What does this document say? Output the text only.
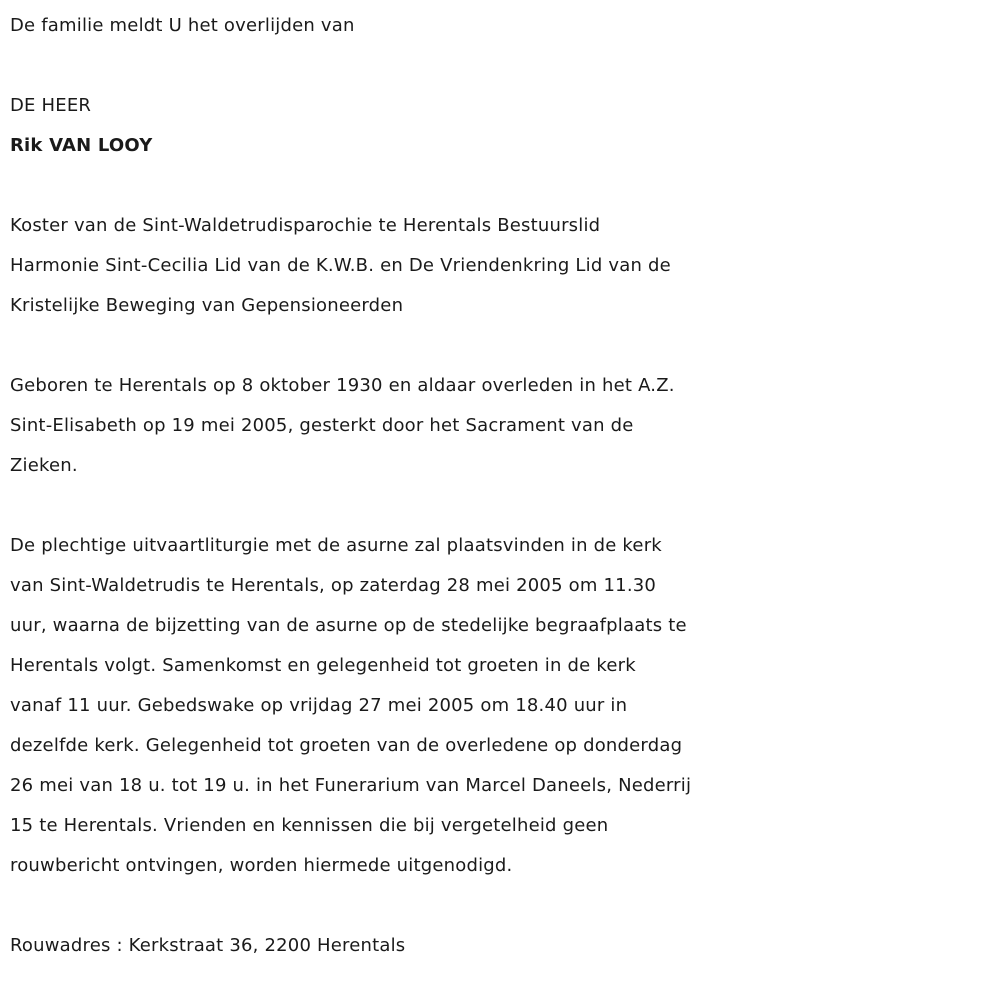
De familie meldt U het overlijden van

DE HEER

Rik VAN LOOY

Koster van de Sint-Waldetrudisparochie te Herentals Bestuurslid
Harmonie Sint-Cecilia Lid van de K.W.B. en De Vriendenkring Lid van de
Kristelijke Beweging van Gepensioneerden
Geboren te Herentals op 8 oktober 1930 en aldaar overleden in het A.Z.
Sint-Elisabeth op 19 mei 2005, gesterkt door het Sacrament van de
Zieken.
De plechtige uitvaartliturgie met de asurne zal plaatsvinden in de kerk
van Sint-Waldetrudis te Herentals, op zaterdag 28 mei 2005 om 11.30
uur, waarna de bijzetting van de asurne op de stedelijke begraafplaats te
Herentals volgt. Samenkomst en gelegenheid tot groeten in de kerk
vanaf 11 uur. Gebedswake op vrijdag 27 mei 2005 om 18.40 uur in
dezelfde kerk. Gelegenheid tot groeten van de overledene op donderdag
26 mei van 18 u. tot 19 u. in het Funerarium van Marcel Daneels, Nederrij
15 te Herentals. Vrienden en kennissen die bij vergetelheid geen
rouwbericht ontvingen, worden hiermede uitgenodigd.

Rouwadres : Kerkstraat 36, 2200 Herentals
